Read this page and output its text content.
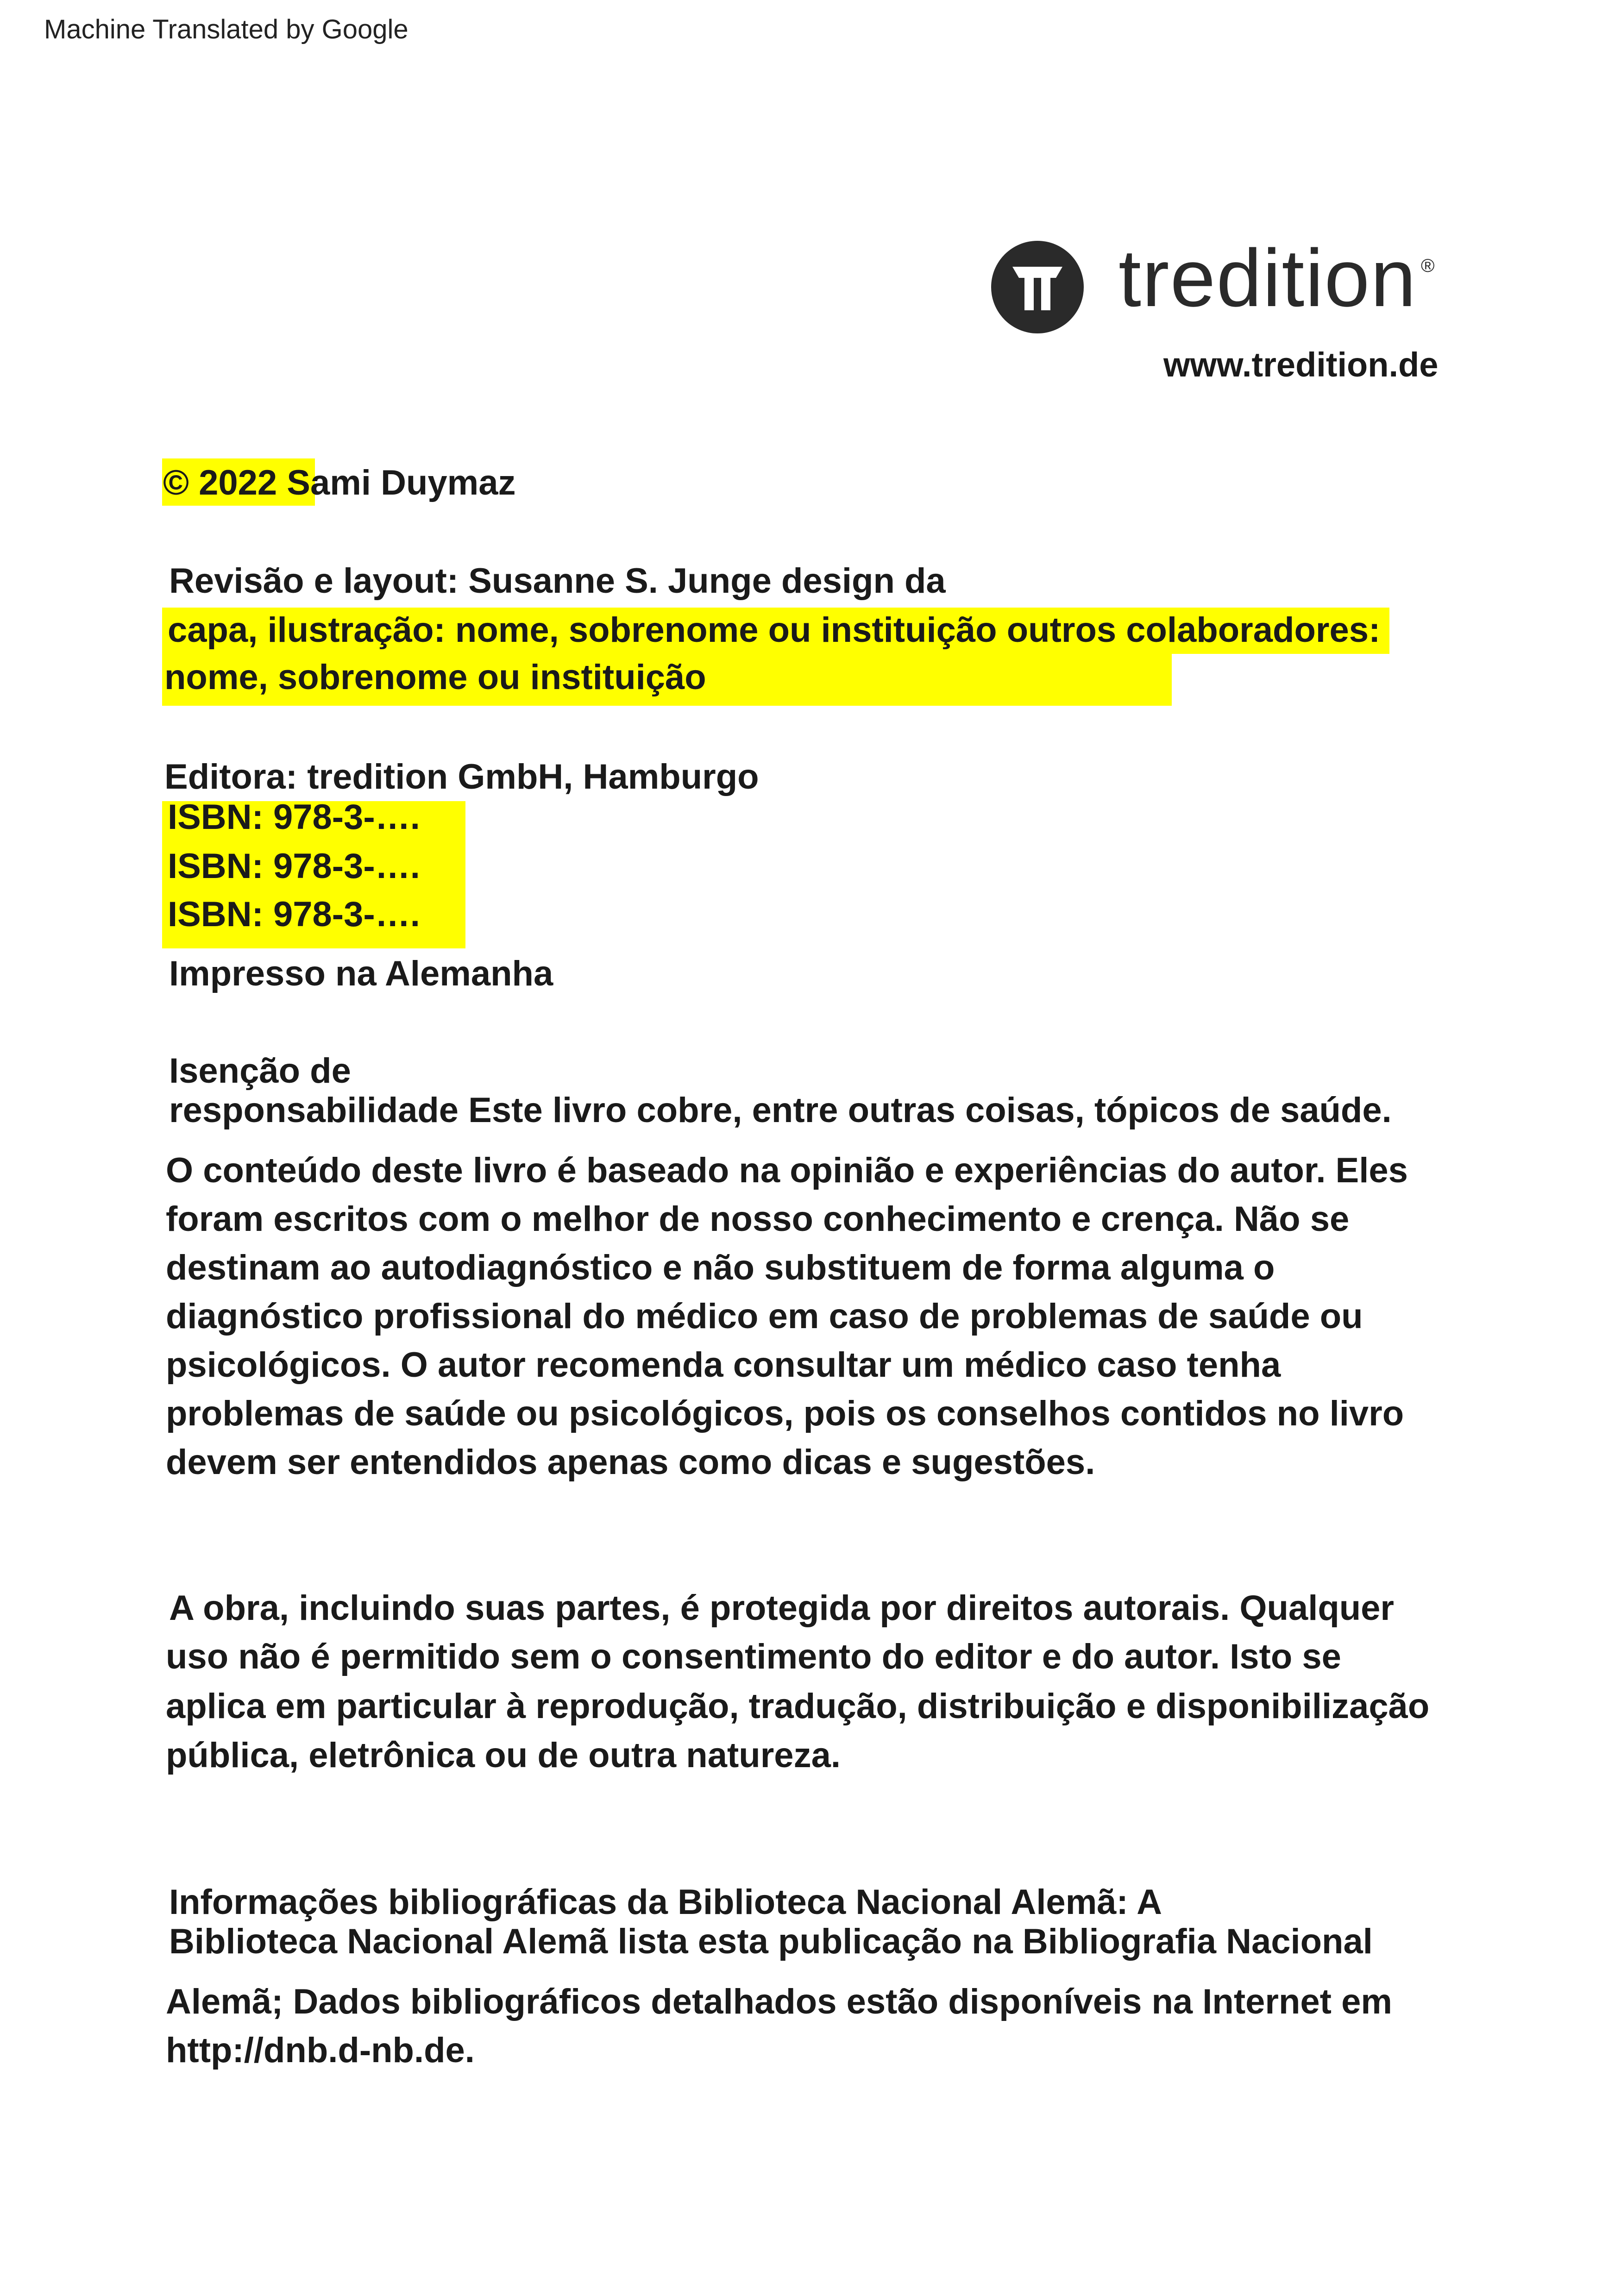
Machine Translated by Google
tredition ®
www.tredition.de
© 2022 Sami Duymaz
Revisão e layout: Susanne S. Junge design da
capa, ilustração: nome, sobrenome ou instituição outros colaboradores:
nome, sobrenome ou instituição
Editora: tredition GmbH, Hamburgo
ISBN: 978-3-….
ISBN: 978-3-….
ISBN: 978-3-….
Impresso na Alemanha
Isenção de
responsabilidade Este livro cobre, entre outras coisas, tópicos de saúde.
O conteúdo deste livro é baseado na opinião e experiências do autor. Eles
foram escritos com o melhor de nosso conhecimento e crença. Não se
destinam ao autodiagnóstico e não substituem de forma alguma o
diagnóstico profissional do médico em caso de problemas de saúde ou
psicológicos. O autor recomenda consultar um médico caso tenha
problemas de saúde ou psicológicos, pois os conselhos contidos no livro
devem ser entendidos apenas como dicas e sugestões.
A obra, incluindo suas partes, é protegida por direitos autorais. Qualquer
uso não é permitido sem o consentimento do editor e do autor. Isto se
aplica em particular à reprodução, tradução, distribuição e disponibilização
pública, eletrônica ou de outra natureza.
Informações bibliográficas da Biblioteca Nacional Alemã: A
Biblioteca Nacional Alemã lista esta publicação na Bibliografia Nacional
Alemã; Dados bibliográficos detalhados estão disponíveis na Internet em
http://dnb.d-nb.de.
